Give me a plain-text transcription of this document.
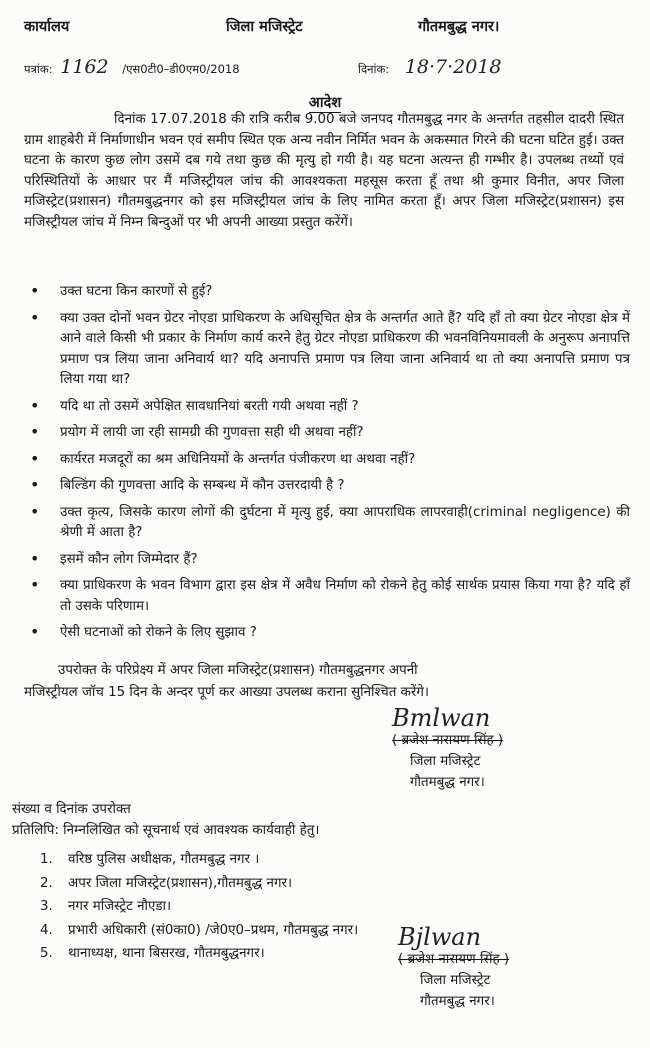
कार्यालय	जिला मजिस्ट्रेट	गौतमबुद्ध नगर।
पत्रांक: 1162 /एस0टी0–डी0एम0/2018	दिनांक: 18·7·2018
आदेश

दिनांक 17.07.2018 की रात्रि करीब 9.00 बजे जनपद गौतमबुद्ध नगर के अन्तर्गत तहसील दादरी स्थित ग्राम शाहबेरी में निर्माणाधीन भवन एवं समीप स्थित एक अन्य नवीन निर्मित भवन के अकस्मात गिरने की घटना घटित हुई। उक्त घटना के कारण कुछ लोग उसमें दब गये तथा कुछ की मृत्यु हो गयी है। यह घटना अत्यन्त ही गम्भीर है। उपलब्ध तथ्यों एवं परिस्थितियों के आधार पर मैं मजिस्ट्रीयल जांच की आवश्यकता महसूस करता हूँ तथा श्री कुमार विनीत, अपर जिला मजिस्ट्रेट(प्रशासन) गौतमबुद्धनगर को इस मजिस्ट्रीयल जांच के लिए नामित करता हूँ। अपर जिला मजिस्ट्रेट(प्रशासन) इस मजिस्ट्रीयल जांच में निम्न बिन्दुओं पर भी अपनी आख्या प्रस्तुत करेंगें।

• उक्त घटना किन कारणों से हुई?
• क्या उक्त दोनों भवन ग्रेटर नोएडा प्राधिकरण के अधिसूचित क्षेत्र के अन्तर्गत आते हैं? यदि हाँ तो क्या ग्रेटर नोएडा क्षेत्र में आने वाले किसी भी प्रकार के निर्माण कार्य करने हेतु ग्रेटर नोएडा प्राधिकरण की भवनविनियमावली के अनुरूप अनापत्ति प्रमाण पत्र लिया जाना अनिवार्य था? यदि अनापत्ति प्रमाण पत्र लिया जाना अनिवार्य था तो क्या अनापत्ति प्रमाण पत्र लिया गया था?
• यदि था तो उसमें अपेक्षित सावधानियां बरती गयी अथवा नहीं ?
• प्रयोग में लायी जा रही सामग्री की गुणवत्ता सही थी अथवा नहीं?
• कार्यरत मजदूरों का श्रम अधिनियमों के अन्तर्गत पंजीकरण था अथवा नहीं?
• बिल्डिंग की गुणवत्ता आदि के सम्बन्ध में कौन उत्तरदायी है ?
• उक्त कृत्य, जिसके कारण लोगों की दुर्घटना में मृत्यु हुई, क्या आपराधिक लापरवाही(criminal negligence) की श्रेणी में आता है?
• इसमें कौन लोग जिम्मेदार हैं?
• क्या प्राधिकरण के भवन विभाग द्वारा इस क्षेत्र में अवैध निर्माण को रोकने हेतु कोई सार्थक प्रयास किया गया है? यदि हाँ तो उसके परिणाम।
• ऐसी घटनाओं को रोकने के लिए सुझाव ?
उपरोक्त के परिप्रेक्ष्य में अपर जिला मजिस्ट्रेट(प्रशासन) गौतमबुद्धनगर अपनी
मजिस्ट्रीयल जॉच 15 दिन के अन्दर पूर्ण कर आख्या उपलब्ध कराना सुनिश्चित करेंगे।
Bmlwan
( ब्रजेश नारायण सिंह )
जिला मजिस्ट्रेट
गौतमबुद्ध नगर।
संख्या व दिनांक उपरोक्त
प्रतिलिपि: निम्नलिखित को सूचनार्थ एवं आवश्यक कार्यवाही हेतु।
1.	वरिष्ठ पुलिस अधीक्षक, गौतमबुद्ध नगर ।
2.	अपर जिला मजिस्ट्रेट(प्रशासन),गौतमबुद्ध नगर।
3.	नगर मजिस्ट्रेट नौएडा।
4.	प्रभारी अधिकारी (सं0का0) /जे0ए0–प्रथम, गौतमबुद्ध नगर।
5.	थानाध्यक्ष, थाना बिसरख, गौतमबुद्धनगर।
Bjlwan
( ब्रजेश नारायण सिंह )
जिला मजिस्ट्रेट
गौतमबुद्ध नगर।
